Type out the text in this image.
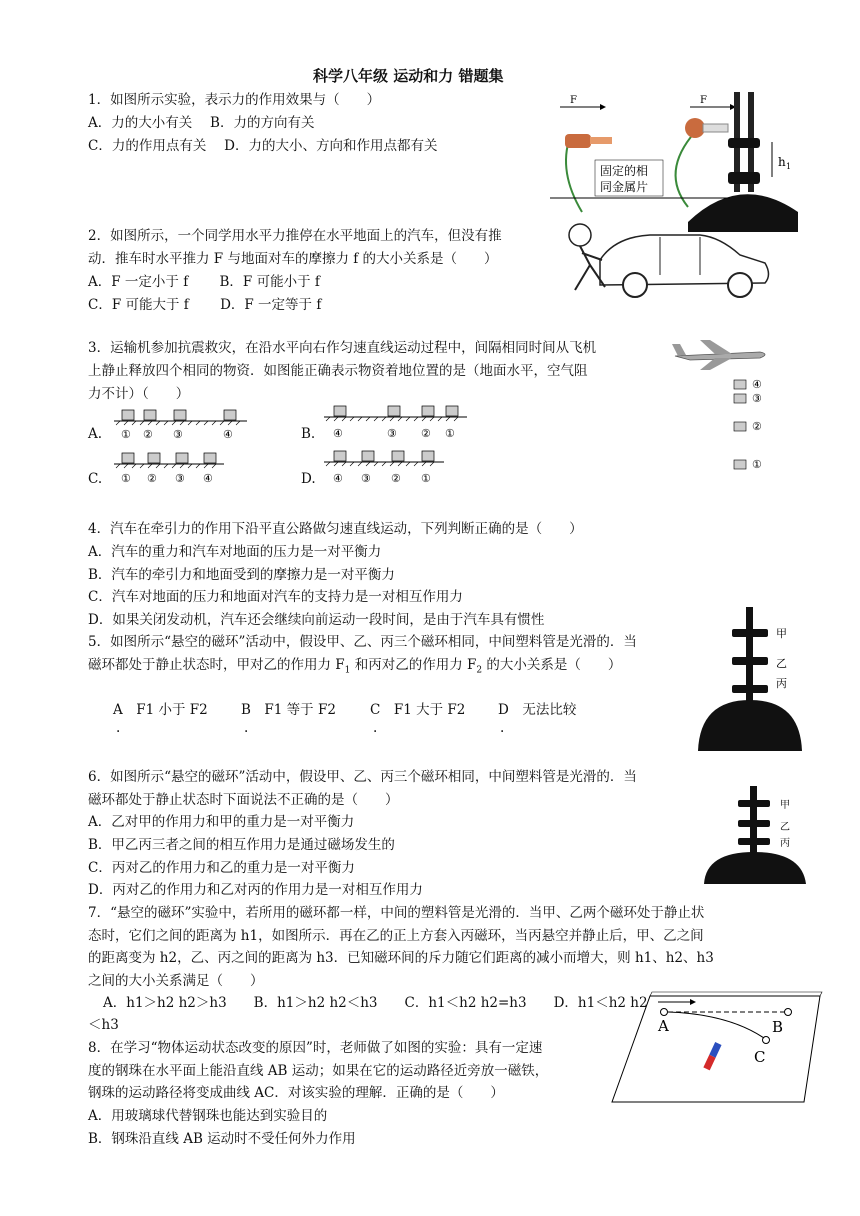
科学八年级 运动和力 错题集
1．如图所示实验，表示力的作用效果与（　　）
A．力的大小有关　 B．力的方向有关
C．力的作用点有关　 D．力的大小、方向和作用点都有关
F	F
h 1
固定的相
同金属片
2．如图所示，一个同学用水平力推停在水平地面上的汽车，但没有推
动．推车时水平推力 F 与地面对车的摩擦力 f 的大小关系是（　　）
A．F 一定小于 f　　 B．F 可能小于 f
C．F 可能大于 f　　 D．F 一定等于 f
3．运输机参加抗震救灾，在沿水平向右作匀速直线运动过程中，间隔相同时间从飞机
上静止释放四个相同的物资．如图能正确表示物资着地位置的是（地面水平，空气阻
力不计）（　　）
A. ① ② ③	④	B. ④	③ ② ①
C. ① ② ③ ④	D. ④ ③ ② ①
④
③
②
①
4．汽车在牵引力的作用下沿平直公路做匀速直线运动，下列判断正确的是（　　）
A．汽车的重力和汽车对地面的压力是一对平衡力
B．汽车的牵引力和地面受到的摩擦力是一对平衡力
C．汽车对地面的压力和地面对汽车的支持力是一对相互作用力
D．如果关闭发动机，汽车还会继续向前运动一段时间，是由于汽车具有惯性
5．如图所示“悬空的磁环”活动中，假设甲、乙、丙三个磁环相同，中间塑料管是光滑的．当
磁环都处于静止状态时，甲对乙的作用力 $F_1$ 和丙对乙的作用力 $F_2$ 的大小关系是（　　）
A　F1 小于 F2 B　F1 等于 F2	C　F1 大于 F2 D　无法比较
.	.	.	.
甲
乙
丙
6．如图所示“悬空的磁环”活动中，假设甲、乙、丙三个磁环相同，中间塑料管是光滑的．当
磁环都处于静止状态时下面说法不正确的是（　　）
A．乙对甲的作用力和甲的重力是一对平衡力
B．甲乙丙三者之间的相互作用力是通过磁场发生的
C．丙对乙的作用力和乙的重力是一对平衡力
D．丙对乙的作用力和乙对丙的作用力是一对相互作用力
甲
乙
丙
7．“悬空的磁环”实验中，若所用的磁环都一样，中间的塑料管是光滑的．当甲、乙两个磁环处于静止状
态时，它们之间的距离为 h1，如图所示．再在乙的正上方套入丙磁环，当丙悬空并静止后，甲、乙之间
的距离变为 h2，乙、丙之间的距离为 h3．已知磁环间的斥力随它们距离的减小而增大，则 h1、h2、h3
之间的大小关系满足（　　）
A．h1＞h2 h2＞h3　　B．h1＞h2 h2＜h3　　C．h1＜h2 h2=h3　　D．h1＜h2 h2
＜h3
8．在学习“物体运动状态改变的原因”时，老师做了如图的实验：具有一定速
度的钢珠在水平面上能沿直线 AB 运动；如果在它的运动路径近旁放一磁铁，
钢珠的运动路径将变成曲线 AC．对该实验的理解．正确的是（　　）
A．用玻璃球代替钢珠也能达到实验目的
B．钢珠沿直线 AB 运动时不受任何外力作用
A	B
C
